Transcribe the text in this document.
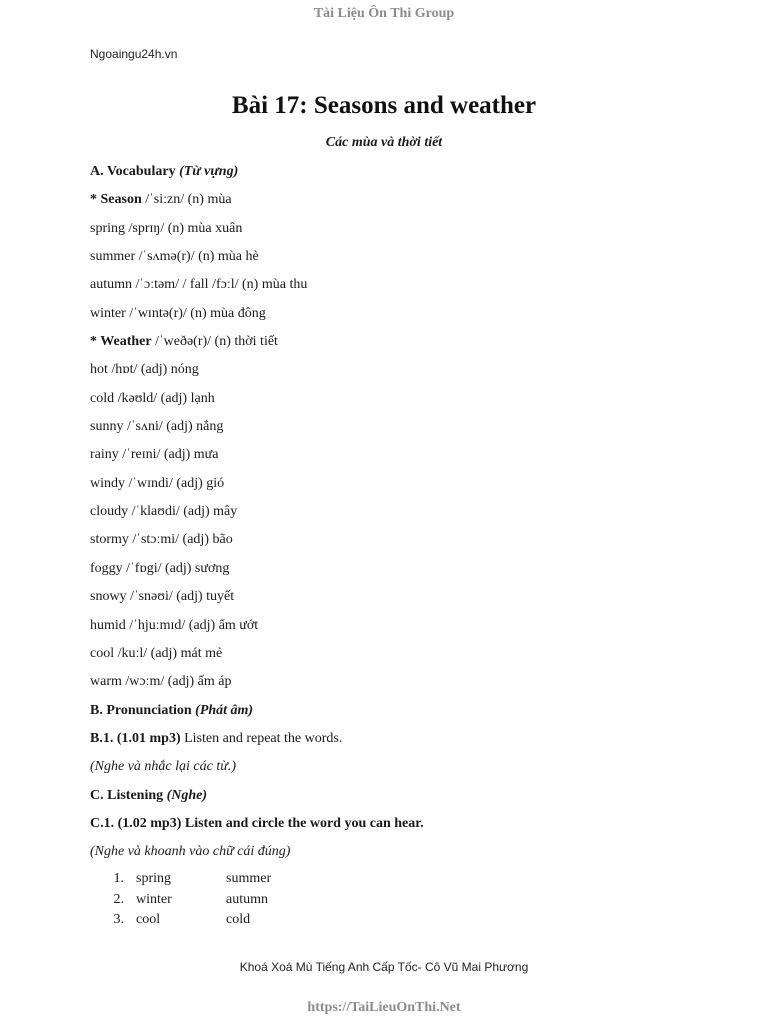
Tài Liệu Ôn Thi Group
Ngoaingu24h.vn
Bài 17: Seasons and weather
Các mùa và thời tiết
A. Vocabulary (Từ vựng)
* Season /ˈsiːzn/ (n) mùa
spring /sprɪŋ/ (n) mùa xuân
summer /ˈsʌmə(r)/ (n) mùa hè
autumn /ˈɔːtəm/ / fall /fɔːl/ (n) mùa thu
winter /ˈwɪntə(r)/ (n) mùa đông
* Weather /ˈweðə(r)/ (n) thời tiết
hot /hɒt/ (adj) nóng
cold /kəʊld/ (adj) lạnh
sunny /ˈsʌni/ (adj) nắng
rainy /ˈreɪni/ (adj) mưa
windy /ˈwɪndi/ (adj) gió
cloudy /ˈklaʊdi/ (adj) mây
stormy /ˈstɔːmi/ (adj) bão
foggy /ˈfɒgi/ (adj) sương
snowy /ˈsnəʊi/ (adj) tuyết
humid /ˈhjuːmɪd/ (adj) ẩm ướt
cool /kuːl/ (adj) mát mẻ
warm /wɔːm/ (adj) ấm áp
B. Pronunciation (Phát âm)
B.1. (1.01 mp3) Listen and repeat the words.
(Nghe và nhắc lại các từ.)
C. Listening (Nghe)
C.1. (1.02 mp3) Listen and circle the word you can hear.
(Nghe và khoanh vào chữ cái đúng)
1. spring	summer
2. winter	autumn
3. cool	cold
Khoá Xoá Mù Tiếng Anh Cấp Tốc- Cô Vũ Mai Phương
https://TaiLieuOnThi.Net
